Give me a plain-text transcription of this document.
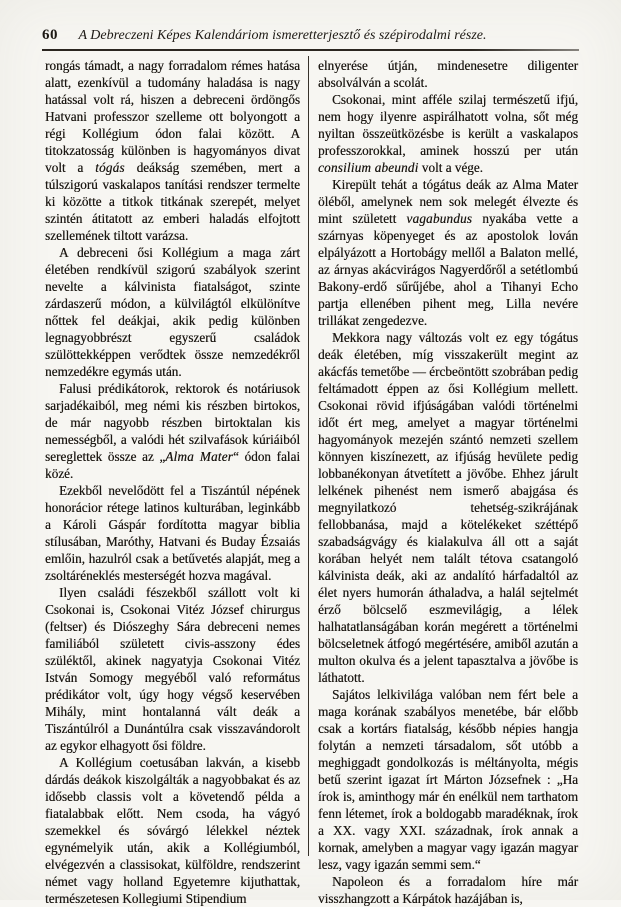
60	A Debreczeni Képes Kalendáriom ismeretterjesztő és szépirodalmi része.

rongás támadt, a nagy forradalom rémes hatása alatt, ezenkívül a tudomány haladása is nagy hatással volt rá, hiszen a debreceni ördöngős Hatvani professzor szelleme ott bolyongott a régi Kollégium ódon falai között. A titokzatosság különben is hagyományos divat volt a tógás deákság szemében, mert a túlszigorú vaskalapos tanítási rendszer termelte ki közötte a titkok titkának szerepét, melyet szintén átitatott az emberi haladás elfojtott szellemének tiltott varázsa.

A debreceni ősi Kollégium a maga zárt életében rendkívül szigorú szabályok szerint nevelte a kálvinista fiatalságot, szinte zárdaszerű módon, a külvilágtól elkülönítve nőttek fel deákjai, akik pedig különben legnagyobbrészt egyszerű családok szülöttekképpen verődtek össze nemzedékről nemzedékre egymás után.

Falusi prédikátorok, rektorok és notáriusok sarjadékaiból, meg némi kis részben birtokos, de már nagyobb részben birtoktalan kis nemességből, a valódi hét szilvafások kúriáiból sereglettek össze az „Alma Mater“ ódon falai közé.

Ezekből nevelődött fel a Tiszántúl népének honorácior rétege latinos kulturában, leginkább a Károli Gáspár fordította magyar biblia stílusában, Maróthy, Hatvani és Buday Ézsaiás emlőin, hazulról csak a betűvetés alapját, meg a zsoltáréneklés mesterségét hozva magával.

Ilyen családi fészekből szállott volt ki Csokonai is, Csokonai Vitéz József chirurgus (feltser) és Diószeghy Sára debreceni nemes familiából született civis-asszony édes szüléktől, akinek nagyatyja Csokonai Vitéz István Somogy megyéből való református prédikátor volt, úgy hogy végső keservében Mihály, mint hontalanná vált deák a Tiszántúlról a Dunántúlra csak visszavándorolt az egykor elhagyott ősi földre.

A Kollégium coetusában lakván, a kisebb dárdás deákok kiszolgálták a nagyobbakat és az idősebb classis volt a követendő példa a fiatalabbak előtt. Nem csoda, ha vágyó szemekkel és sóvárgó lélekkel néztek egynémelyik után, akik a Kollégiumból, elvégezvén a classisokat, külföldre, rendszerint német vagy holland Egyetemre kijuthattak, természetesen Kollegiumi Stipendium

elnyerése útján, mindenesetre diligenter absolválván a scolát.

Csokonai, mint afféle szilaj természetű ifjú, nem hogy ilyenre aspirálhatott volna, sőt még nyiltan összeütközésbe is került a vaskalapos professzorokkal, aminek hosszú per után consilium abeundi volt a vége.

Kirepült tehát a tógátus deák az Alma Mater öléből, amelynek nem sok melegét élvezte és mint született vagabundus nyakába vette a szárnyas köpenyeget és az apostolok lován elpályázott a Hortobágy mellől a Balaton mellé, az árnyas akácvirágos Nagyerdőről a setétlombú Bakony-erdő sűrűjébe, ahol a Tihanyi Echo partja ellenében pihent meg, Lilla nevére trillákat zengedezve.

Mekkora nagy változás volt ez egy tógátus deák életében, míg visszakerült megint az akácfás temetőbe — ércbeöntött szobrában pedig feltámadott éppen az ősi Kollégium mellett. Csokonai rövid ifjúságában valódi történelmi időt ért meg, amelyet a magyar történelmi hagyományok mezején szántó nemzeti szellem könnyen kiszínezett, az ifjúság hevülete pedig lobbanékonyan átvetített a jövőbe. Ehhez járult lelkének pihenést nem ismerő abajgása és megnyilatkozó tehetség-szikrájának fellobbanása, majd a kötelékeket széttépő szabadságvágy és kialakulva áll ott a saját korában helyét nem talált tétova csatangoló kálvinista deák, aki az andalító hárfadaltól az élet nyers humorán áthaladva, a halál sejtelmét érző bölcselő eszmevilágig, a lélek halhatatlanságában korán megérett a történelmi bölcseletnek átfogó megértésére, amiből azután a multon okulva és a jelent tapasztalva a jövőbe is láthatott.

Sajátos lelkivilága valóban nem fért bele a maga korának szabályos menetébe, bár előbb csak a kortárs fiatalság, később népies hangja folytán a nemzeti társadalom, sőt utóbb a meghiggadt gondolkozás is méltányolta, mégis betű szerint igazat írt Márton Józsefnek : „Ha írok is, aminthogy már én enélkül nem tarthatom fenn létemet, írok a boldogabb maradéknak, írok a XX. vagy XXI. századnak, írok annak a kornak, amelyben a magyar vagy igazán magyar lesz, vagy igazán semmi sem.“

Napoleon és a forradalom híre már visszhangzott a Kárpátok hazájában is,
